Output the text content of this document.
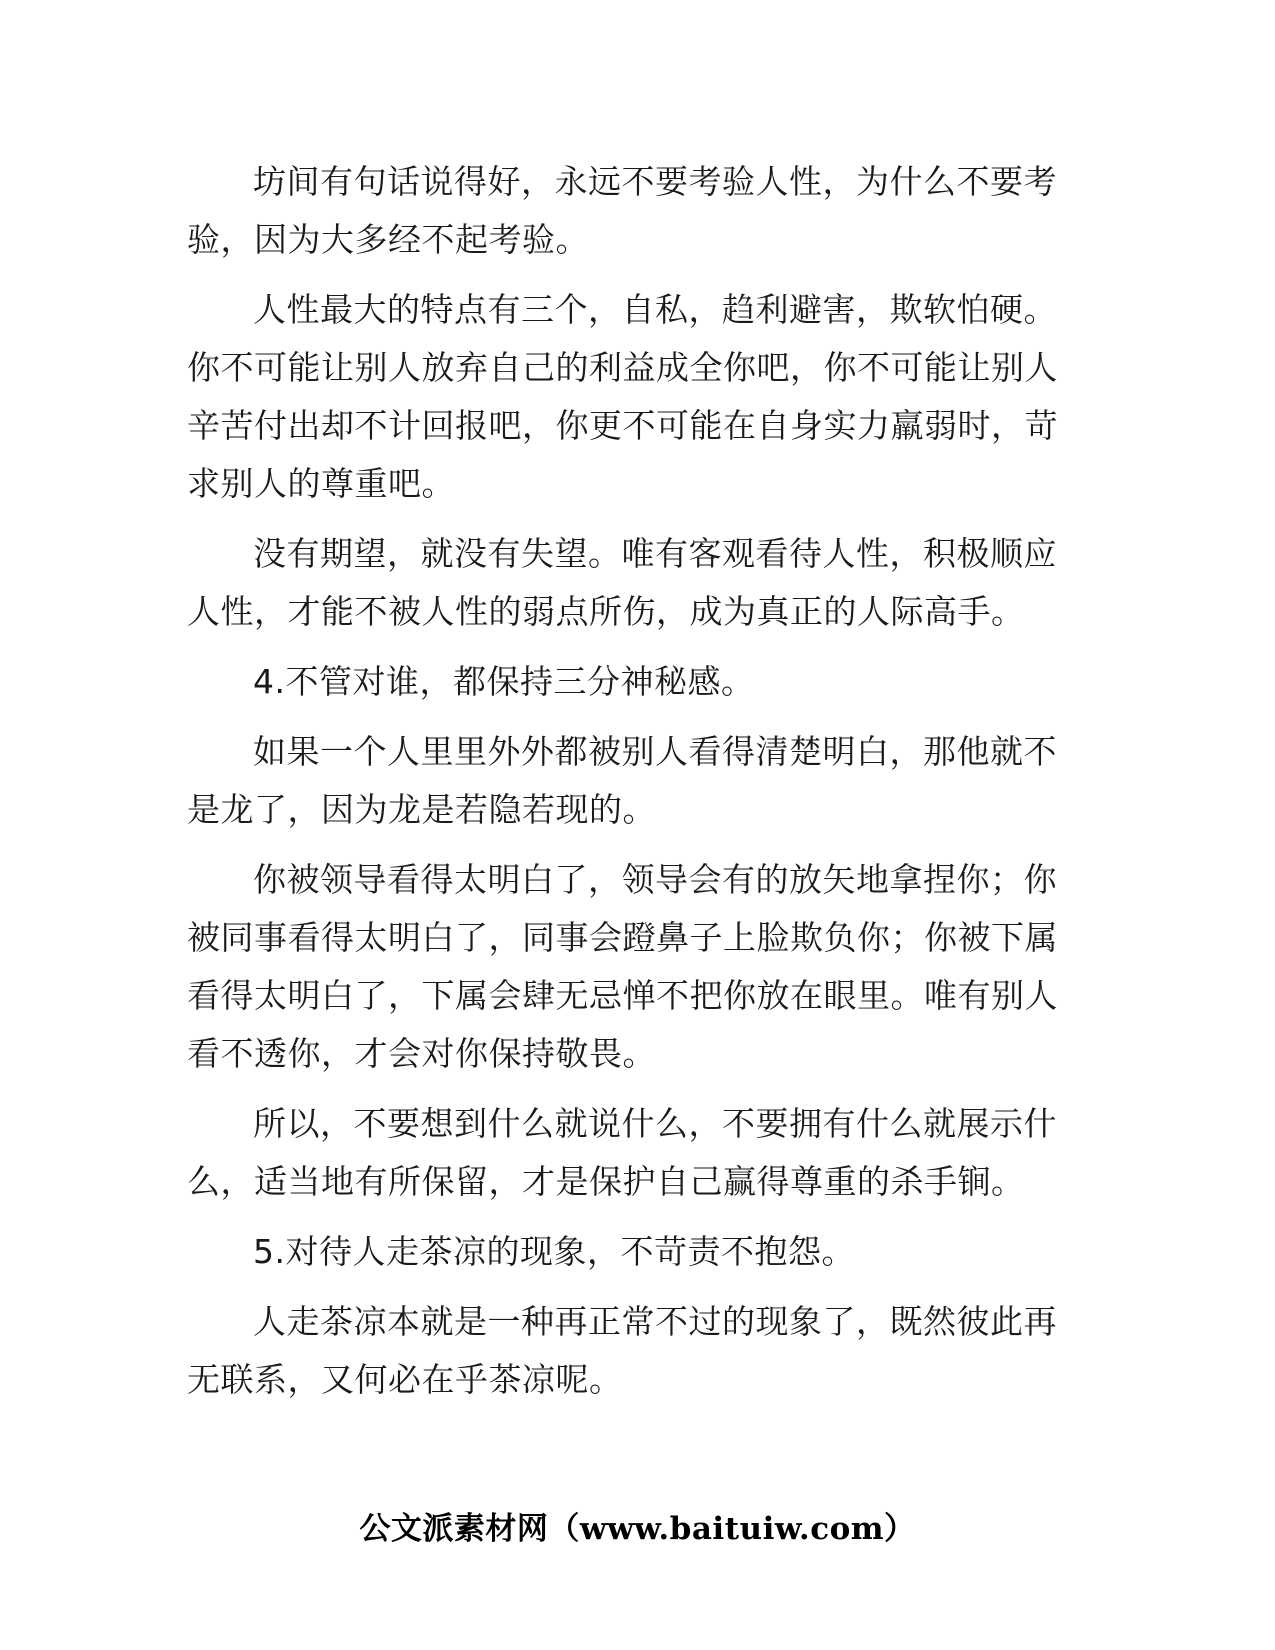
坊间有句话说得好，永远不要考验人性，为什么不要考验，因为大多经不起考验。

人性最大的特点有三个，自私，趋利避害，欺软怕硬。你不可能让别人放弃自己的利益成全你吧，你不可能让别人辛苦付出却不计回报吧，你更不可能在自身实力羸弱时，苛求别人的尊重吧。

没有期望，就没有失望。唯有客观看待人性，积极顺应人性，才能不被人性的弱点所伤，成为真正的人际高手。

4.不管对谁，都保持三分神秘感。

如果一个人里里外外都被别人看得清楚明白，那他就不是龙了，因为龙是若隐若现的。

你被领导看得太明白了，领导会有的放矢地拿捏你；你被同事看得太明白了，同事会蹬鼻子上脸欺负你；你被下属看得太明白了，下属会肆无忌惮不把你放在眼里。唯有别人看不透你，才会对你保持敬畏。

所以，不要想到什么就说什么，不要拥有什么就展示什么，适当地有所保留，才是保护自己赢得尊重的杀手锏。

5.对待人走茶凉的现象，不苛责不抱怨。

人走茶凉本就是一种再正常不过的现象了，既然彼此再无联系，又何必在乎茶凉呢。

公文派素材网（www.baituiw.com）
